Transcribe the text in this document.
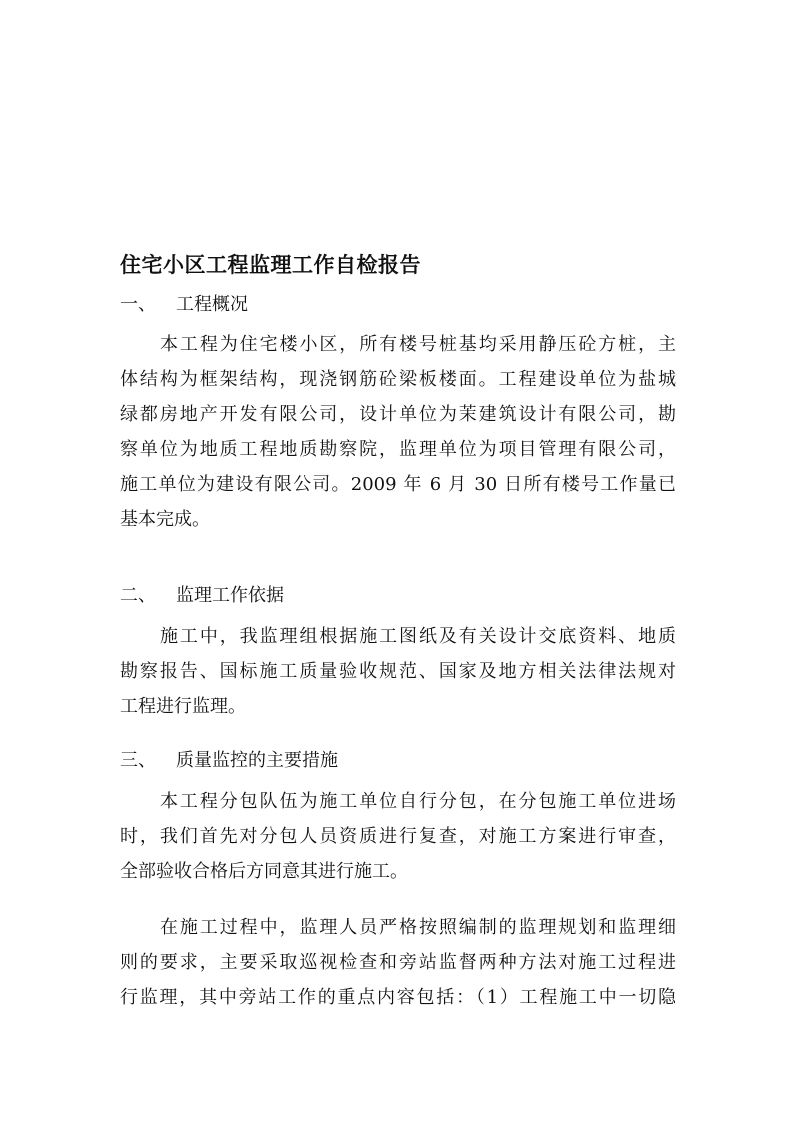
住宅小区工程监理工作自检报告
一、 工程概况
本工程为住宅楼小区，所有楼号桩基均采用静压砼方桩，主
体结构为框架结构，现浇钢筋砼梁板楼面。工程建设单位为盐城
绿都房地产开发有限公司，设计单位为茉建筑设计有限公司，勘
察单位为地质工程地质勘察院，监理单位为项目管理有限公司，
施工单位为建设有限公司。2009 年 6 月 30 日所有楼号工作量已
基本完成。
二、 监理工作依据
施工中，我监理组根据施工图纸及有关设计交底资料、地质
勘察报告、国标施工质量验收规范、国家及地方相关法律法规对
工程进行监理。
三、 质量监控的主要措施
本工程分包队伍为施工单位自行分包，在分包施工单位进场
时，我们首先对分包人员资质进行复查，对施工方案进行审查，
全部验收合格后方同意其进行施工。
在施工过程中，监理人员严格按照编制的监理规划和监理细
则的要求，主要采取巡视检查和旁站监督两种方法对施工过程进
行监理，其中旁站工作的重点内容包括：（1）工程施工中一切隐
